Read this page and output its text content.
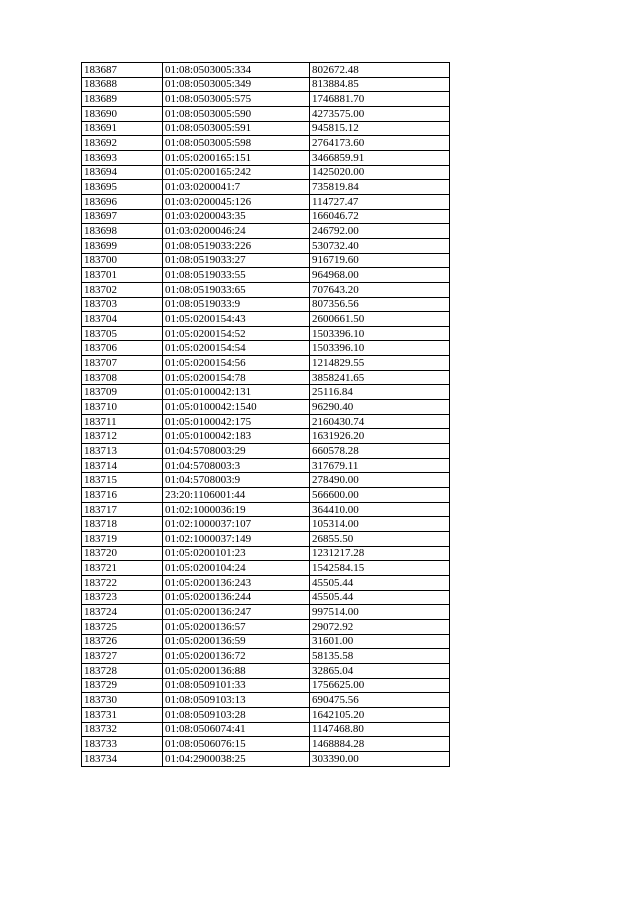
183687	01:08:0503005:334	802672.48
183688	01:08:0503005:349	813884.85
183689	01:08:0503005:575	1746881.70
183690	01:08:0503005:590	4273575.00
183691	01:08:0503005:591	945815.12
183692	01:08:0503005:598	2764173.60
183693	01:05:0200165:151	3466859.91
183694	01:05:0200165:242	1425020.00
183695	01:03:0200041:7	735819.84
183696	01:03:0200045:126	114727.47
183697	01:03:0200043:35	166046.72
183698	01:03:0200046:24	246792.00
183699	01:08:0519033:226	530732.40
183700	01:08:0519033:27	916719.60
183701	01:08:0519033:55	964968.00
183702	01:08:0519033:65	707643.20
183703	01:08:0519033:9	807356.56
183704	01:05:0200154:43	2600661.50
183705	01:05:0200154:52	1503396.10
183706	01:05:0200154:54	1503396.10
183707	01:05:0200154:56	1214829.55
183708	01:05:0200154:78	3858241.65
183709	01:05:0100042:131	25116.84
183710	01:05:0100042:1540	96290.40
183711	01:05:0100042:175	2160430.74
183712	01:05:0100042:183	1631926.20
183713	01:04:5708003:29	660578.28
183714	01:04:5708003:3	317679.11
183715	01:04:5708003:9	278490.00
183716	23:20:1106001:44	566600.00
183717	01:02:1000036:19	364410.00
183718	01:02:1000037:107	105314.00
183719	01:02:1000037:149	26855.50
183720	01:05:0200101:23	1231217.28
183721	01:05:0200104:24	1542584.15
183722	01:05:0200136:243	45505.44
183723	01:05:0200136:244	45505.44
183724	01:05:0200136:247	997514.00
183725	01:05:0200136:57	29072.92
183726	01:05:0200136:59	31601.00
183727	01:05:0200136:72	58135.58
183728	01:05:0200136:88	32865.04
183729	01:08:0509101:33	1756625.00
183730	01:08:0509103:13	690475.56
183731	01:08:0509103:28	1642105.20
183732	01:08:0506074:41	1147468.80
183733	01:08:0506076:15	1468884.28
183734	01:04:2900038:25	303390.00
